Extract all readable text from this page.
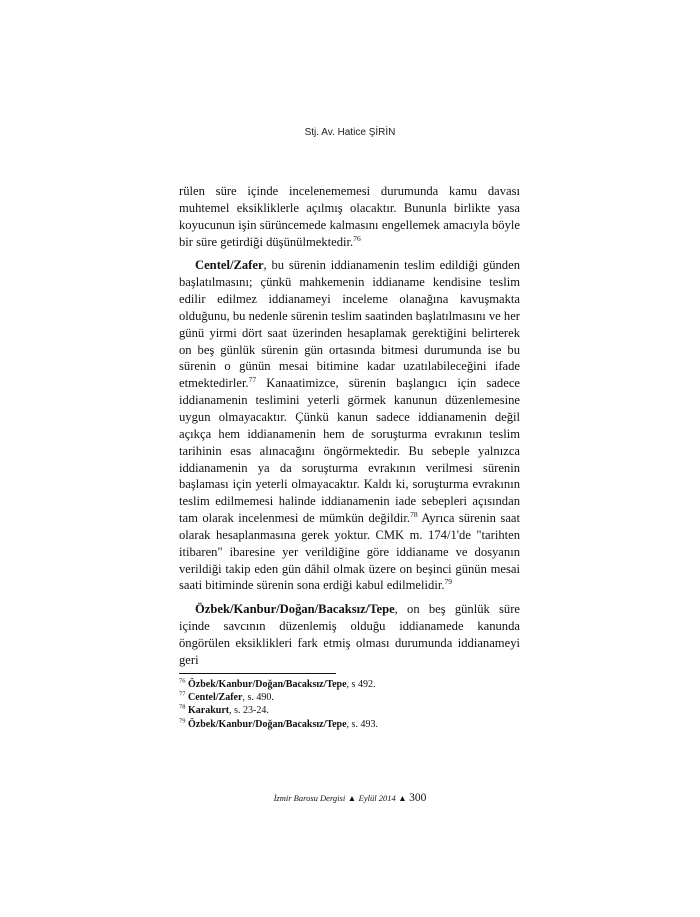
Stj. Av. Hatice ŞİRİN

rülen süre içinde incelenememesi durumunda kamu davası muhtemel eksikliklerle açılmış olacaktır. Bununla birlikte yasa koyucunun işin sürüncemede kalmasını engellemek amacıyla böyle bir süre getirdiği düşünülmektedir.$^{76}$

Centel/Zafer, bu sürenin iddianamenin teslim edildiği günden başlatılmasını; çünkü mahkemenin iddianame kendisine teslim edilir edilmez iddianameyi inceleme olanağına kavuşmakta olduğunu, bu nedenle sürenin teslim saatinden başlatılmasını ve her günü yirmi dört saat üzerinden hesaplamak gerektiğini belirterek on beş günlük sürenin gün ortasında bitmesi durumunda ise bu sürenin o günün mesai bitimine kadar uzatılabileceğini ifade etmektedirler.$^{77}$ Kanaatimizce, sürenin başlangıcı için sadece iddianamenin teslimini yeterli görmek kanunun düzenlemesine uygun olmayacaktır. Çünkü kanun sadece iddianamenin değil açıkça hem iddianamenin hem de soruşturma evrakının teslim tarihinin esas alınacağını öngörmektedir. Bu sebeple yalnızca iddianamenin ya da soruşturma evrakının verilmesi sürenin başlaması için yeterli olmayacaktır. Kaldı ki, soruşturma evrakının teslim edilmemesi halinde iddianamenin iade sebepleri açısından tam olarak incelenmesi de mümkün değildir.$^{78}$ Ayrıca sürenin saat olarak hesaplanmasına gerek yoktur. CMK m. 174/1'de "tarihten itibaren" ibaresine yer verildiğine göre iddianame ve dosyanın verildiği takip eden gün dâhil olmak üzere on beşinci günün mesai saati bitiminde sürenin sona erdiği kabul edilmelidir.$^{79}$

Özbek/Kanbur/Doğan/Bacaksız/Tepe, on beş günlük süre içinde savcının düzenlemiş olduğu iddianamede kanunda öngörülen eksiklikleri fark etmiş olması durumunda iddianameyi geri

$^{76}$ Özbek/Kanbur/Doğan/Bacaksız/Tepe, s 492.
$^{77}$ Centel/Zafer, s. 490.
$^{78}$ Karakurt, s. 23-24.
$^{79}$ Özbek/Kanbur/Doğan/Bacaksız/Tepe, s. 493.
İzmir Barosu Dergisi ▲ Eylül 2014 ▲ 300
